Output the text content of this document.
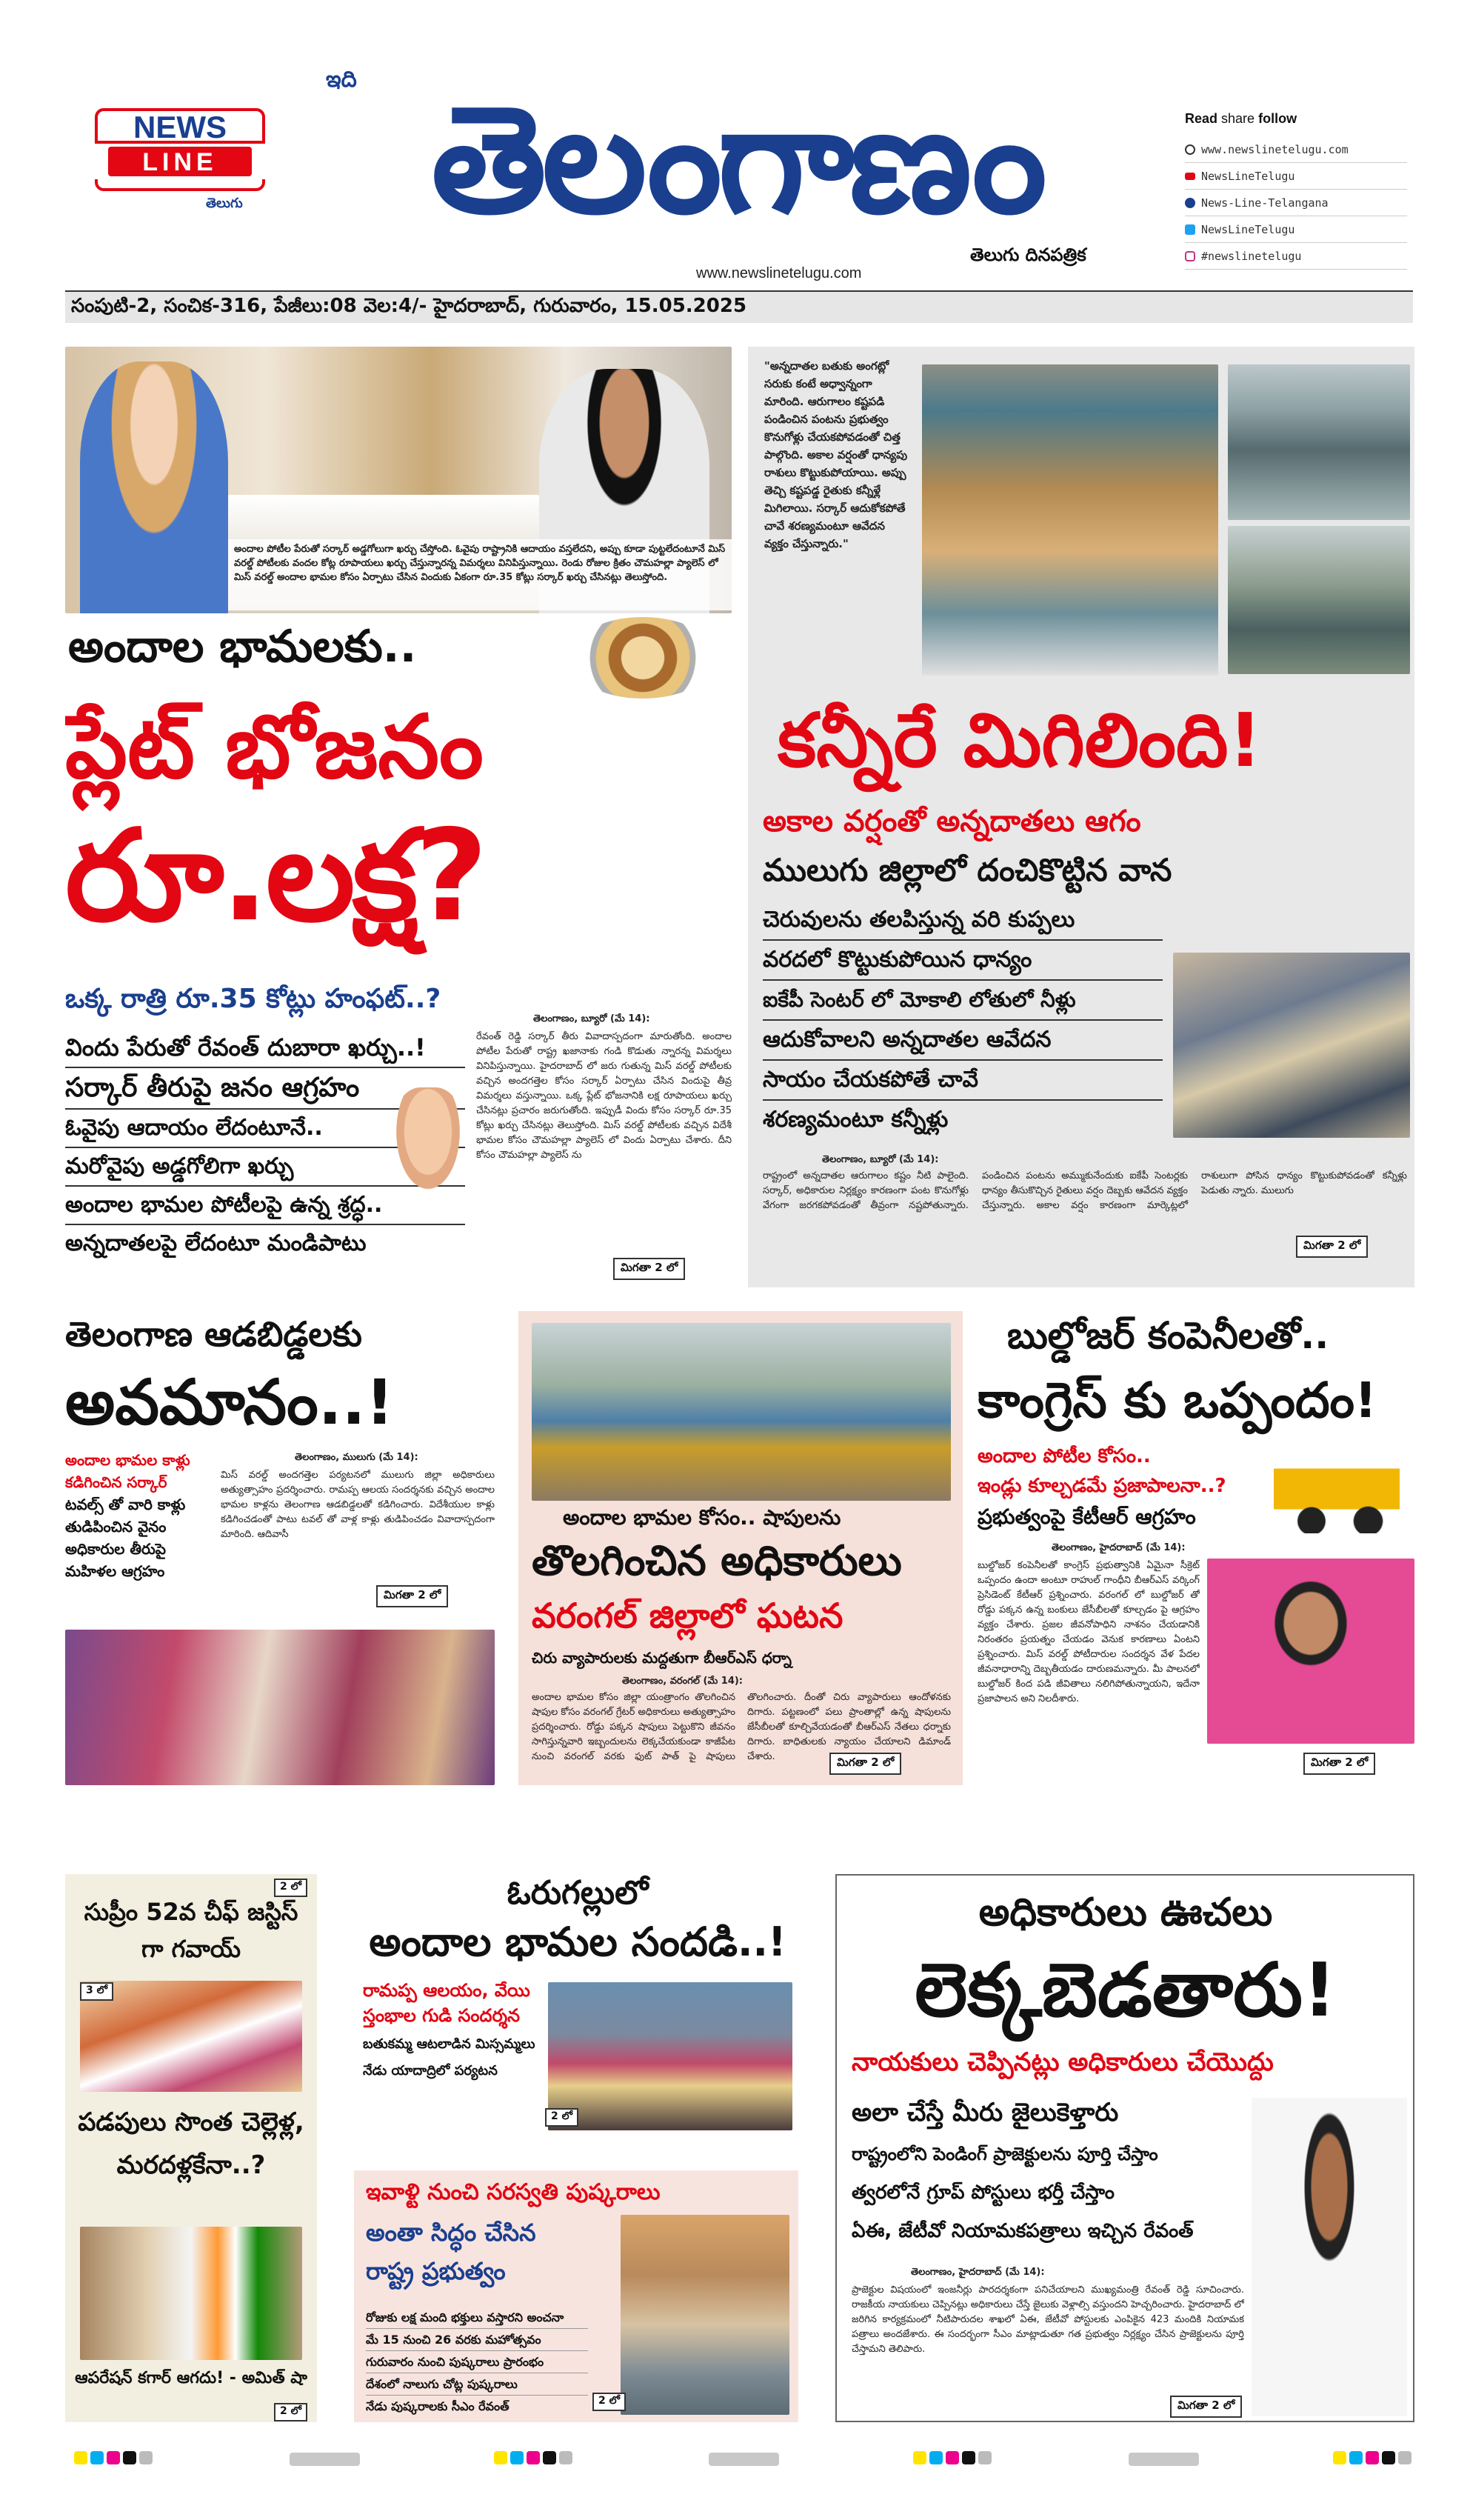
NEWS
LINE
తెలుగు
ఇది తెలంగాణం
www.newslinetelugu.com
తెలుగు దినపత్రిక
Read share follow
www.newslinetelugu.com
NewsLineTelugu
News-Line-Telangana
NewsLineTelugu
#newslinetelugu
సంపుటి-2, సంచిక-316, పేజీలు:08 వెల:4/- హైదరాబాద్, గురువారం, 15.05.2025
అందాల పోటీల పేరుతో సర్కార్ అడ్డగోలుగా ఖర్చు చేస్తోంది. ఓవైపు రాష్ట్రానికి ఆదాయం వస్తలేదని, అప్పు కూడా పుట్టలేదంటూనే మిస్ వరల్డ్ పోటీలకు వందల కోట్ల రూపాయలు ఖర్చు చేస్తున్నారన్న విమర్శలు వినిపిస్తున్నాయి. రెండు రోజుల క్రితం చౌమహల్లా ప్యాలెస్ లో మిస్ వరల్డ్ అందాల భామల కోసం ఏర్పాటు చేసిన విందుకు ఏకంగా రూ.35 కోట్లు సర్కార్ ఖర్చు చేసినట్లు తెలుస్తోంది.
అందాల భామలకు..
ప్లేట్ భోజనం
రూ.లక్ష?
ఒక్క రాత్రి రూ.35 కోట్లు హంఫట్..?
విందు పేరుతో రేవంత్ దుబారా ఖర్చు..!
సర్కార్ తీరుపై జనం ఆగ్రహం
ఓవైపు ఆదాయం లేదంటూనే..
మరోవైపు అడ్డగోలిగా ఖర్చు
అందాల భామల పోటీలపై ఉన్న శ్రద్ధ..
అన్నదాతలపై లేదంటూ మండిపాటు
తెలంగాణం, బ్యూరో (మే 14):
రేవంత్ రెడ్డి సర్కార్ తీరు వివాదాస్పదంగా మారుతోంది. అందాల పోటీల పేరుతో రాష్ట్ర ఖజానాకు గండి కొడుతు న్నారన్న విమర్శలు వినిపిస్తున్నాయి. హైదరాబాద్ లో జరు గుతున్న మిస్ వరల్డ్ పోటీలకు వచ్చిన అందగత్తెల కోసం సర్కార్ ఏర్పాటు చేసిన విందుపై తీవ్ర విమర్శలు వస్తున్నాయి. ఒక్క ప్లేట్ భోజనానికి లక్ష రూపాయలు ఖర్చు చేసినట్లు ప్రచారం జరుగుతోంది. ఇప్పుడీ విందు కోసం సర్కార్ రూ.35 కోట్లు ఖర్చు చేసినట్లు తెలుస్తోంది. మిస్ వరల్డ్ పోటీలకు వచ్చిన విదేశీ భామల కోసం చౌమహల్లా ప్యాలెస్ లో విందు ఏర్పాటు చేశారు. దీని కోసం చౌమహల్లా ప్యాలెస్ ను
మిగతా 2 లో
"అన్నదాతల బతుకు అంగట్లో సరుకు కంటే అధ్వాన్నంగా మారింది. ఆరుగాలం కష్టపడి పండించిన పంటను ప్రభుత్వం కొనుగోళ్లు చేయకపోవడంతో చిత్త పాల్గొంది. అకాల వర్షంతో ధాన్యపు రాశులు కొట్టుకుపోయాయి. అప్పు తెచ్చి కష్టపడ్డ రైతుకు కన్నీళ్లే మిగిలాయి. సర్కార్ ఆదుకోకపోతే చావే శరణ్యమంటూ ఆవేదన వ్యక్తం చేస్తున్నారు."
కన్నీరే మిగిలింది!
అకాల వర్షంతో అన్నదాతలు ఆగం
ములుగు జిల్లాలో దంచికొట్టిన వాన
చెరువులను తలపిస్తున్న వరి కుప్పలు
వరదలో కొట్టుకుపోయిన ధాన్యం
ఐకేపీ సెంటర్ లో మోకాలి లోతులో నీళ్లు
ఆదుకోవాలని అన్నదాతల ఆవేదన
సాయం చేయకపోతే చావే
శరణ్యమంటూ కన్నీళ్లు
తెలంగాణం, బ్యూరో (మే 14):
రాష్ట్రంలో అన్నదాతల ఆరుగాలం కష్టం నీటి పాలైంది. సర్కార్, అధికారుల నిర్లక్ష్యం కారణంగా పంట కొనుగోళ్లు వేగంగా జరగకపోవడంతో తీవ్రంగా నష్టపోతున్నారు. పండించిన పంటను అమ్ముకునేందుకు ఐకేపీ సెంటర్లకు ధాన్యం తీసుకొచ్చిన రైతులు వర్షం దెబ్బకు ఆవేదన వ్యక్తం చేస్తున్నారు. అకాల వర్షం కారణంగా మార్కెట్లలో రాశులుగా పోసిన ధాన్యం కొట్టుకుపోవడంతో కన్నీళ్లు పెడుతు న్నారు. ములుగు
మిగతా 2 లో
తెలంగాణ ఆడబిడ్డలకు
అవమానం..!
అందాల భామల కాళ్లు కడిగించిన సర్కార్
టవల్స్ తో వారి కాళ్లు తుడిపించిన వైనం
అధికారుల తీరుపై మహిళల ఆగ్రహం
తెలంగాణం, ములుగు (మే 14):
మిస్ వరల్డ్ అందగత్తెల పర్యటనలో ములుగు జిల్లా అధికారులు అత్యుత్సాహం ప్రదర్శించారు. రామప్ప ఆలయ సందర్శనకు వచ్చిన అందాల భామల కాళ్లను తెలంగాణ ఆడబిడ్డలతో కడిగించారు. విదేశీయుల కాళ్లు కడిగించడంతో పాటు టవల్ తో వాళ్ల కాళ్లు తుడిపించడం వివాదాస్పదంగా మారింది. ఆదివాసీ
మిగతా 2 లో
అందాల భామల కోసం.. షాపులను
తొలగించిన అధికారులు
వరంగల్ జిల్లాలో ఘటన
చిరు వ్యాపారులకు మద్దతుగా బీఆర్ఎస్ ధర్నా
తెలంగాణం, వరంగల్ (మే 14):
అందాల భామల కోసం జిల్లా యంత్రాంగం తొలగించిన షాపుల కోసం వరంగల్ గ్రేటర్ అధికారులు అత్యుత్సాహం ప్రదర్శించారు. రోడ్డు పక్కన షాపులు పెట్టుకొని జీవనం సాగిస్తున్నవారి ఇబ్బందులను లెక్కచేయకుండా కాజీపేట నుంచి వరంగల్ వరకు ఫుట్ పాత్ పై షాపులు తొలగించారు. దీంతో చిరు వ్యాపారులు ఆందోళనకు దిగారు. పట్టణంలో పలు ప్రాంతాల్లో ఉన్న షాపులను జేసీబీలతో కూల్చివేయడంతో బీఆర్ఎస్ నేతలు ధర్నాకు దిగారు. బాధితులకు న్యాయం చేయాలని డిమాండ్ చేశారు.	మిగతా 2 లో
బుల్డోజర్ కంపెనీలతో..
కాంగ్రెస్ కు ఒప్పందం!
అందాల పోటీల కోసం..
ఇండ్లు కూల్చడమే ప్రజాపాలనా..?
ప్రభుత్వంపై కేటీఆర్ ఆగ్రహం
తెలంగాణం, హైదరాబాద్ (మే 14):
బుల్డోజర్ కంపెనీలతో కాంగ్రెస్ ప్రభుత్వానికి ఏమైనా సీక్రెట్ ఒప్పందం ఉందా అంటూ రాహుల్ గాంధీని బీఆర్ఎస్ వర్కింగ్ ప్రెసిడెంట్ కేటీఆర్ ప్రశ్నించారు. వరంగల్ లో బుల్డోజర్ తో రోడ్డు పక్కన ఉన్న బంకులు జేసీబీలతో కూల్చడం పై ఆగ్రహం వ్యక్తం చేశారు. ప్రజల జీవనోపాధిని నాశనం చేయడానికి నిరంతరం ప్రయత్నం చేయడం వెనుక కారణాలు ఏంటని ప్రశ్నించారు. మిస్ వరల్డ్ పోటీదారుల సందర్శన వేళ పేదల జీవనాధారాన్ని దెబ్బతీయడం దారుణమన్నారు. మీ పాలనలో బుల్డోజర్ కింద పడి జీవితాలు నలిగిపోతున్నాయని, ఇదేనా ప్రజాపాలన అని నిలదీశారు.
మిగతా 2 లో
2 లో
సుప్రీం 52వ చీఫ్ జస్టిస్ గా గవాయ్
3 లో
పడపులు సొంత చెల్లెళ్ల, మరదళ్లకేనా..?
ఆపరేషన్ కగార్ ఆగదు! - అమిత్ షా
2 లో
ఓరుగల్లులో
అందాల భామల సందడి..!
రామప్ప ఆలయం, వేయి స్తంభాల గుడి సందర్శన
బతుకమ్మ ఆటలాడిన మిస్సమ్మలు
నేడు యాదాద్రిలో పర్యటన
2 లో
ఇవాళ్టి నుంచి సరస్వతి పుష్కరాలు
అంతా సిద్ధం చేసిన రాష్ట్ర ప్రభుత్వం
రోజుకు లక్ష మంది భక్తులు వస్తారని అంచనా
మే 15 నుంచి 26 వరకు మహోత్సవం
గురువారం నుంచి పుష్కరాలు ప్రారంభం
దేశంలో నాలుగు చోట్ల పుష్కరాలు
నేడు పుష్కరాలకు సీఎం రేవంత్	2 లో
అధికారులు ఊచలు
లెక్కబెడతారు!
నాయకులు చెప్పినట్లు అధికారులు చేయొద్దు
అలా చేస్తే మీరు జైలుకెళ్తారు
రాష్ట్రంలోని పెండింగ్ ప్రాజెక్టులను పూర్తి చేస్తాం
త్వరలోనే గ్రూప్ పోస్టులు భర్తీ చేస్తాం
ఏఈ, జేటీవో నియామకపత్రాలు ఇచ్చిన రేవంత్
తెలంగాణం, హైదరాబాద్ (మే 14):
ప్రాజెక్టుల విషయంలో ఇంజనీర్లు పారదర్శకంగా పనిచేయాలని ముఖ్యమంత్రి రేవంత్ రెడ్డి సూచించారు. రాజకీయ నాయకులు చెప్పినట్లు అధికారులు చేస్తే జైలుకు వెళ్లాల్సి వస్తుందని హెచ్చరించారు. హైదరాబాద్ లో జరిగిన కార్యక్రమంలో నీటిపారుదల శాఖలో ఏఈ, జేటీవో పోస్టులకు ఎంపికైన 423 మందికి నియామక పత్రాలు అందజేశారు. ఈ సందర్భంగా సీఎం మాట్లాడుతూ గత ప్రభుత్వం నిర్లక్ష్యం చేసిన ప్రాజెక్టులను పూర్తి చేస్తామని తెలిపారు.
మిగతా 2 లో
